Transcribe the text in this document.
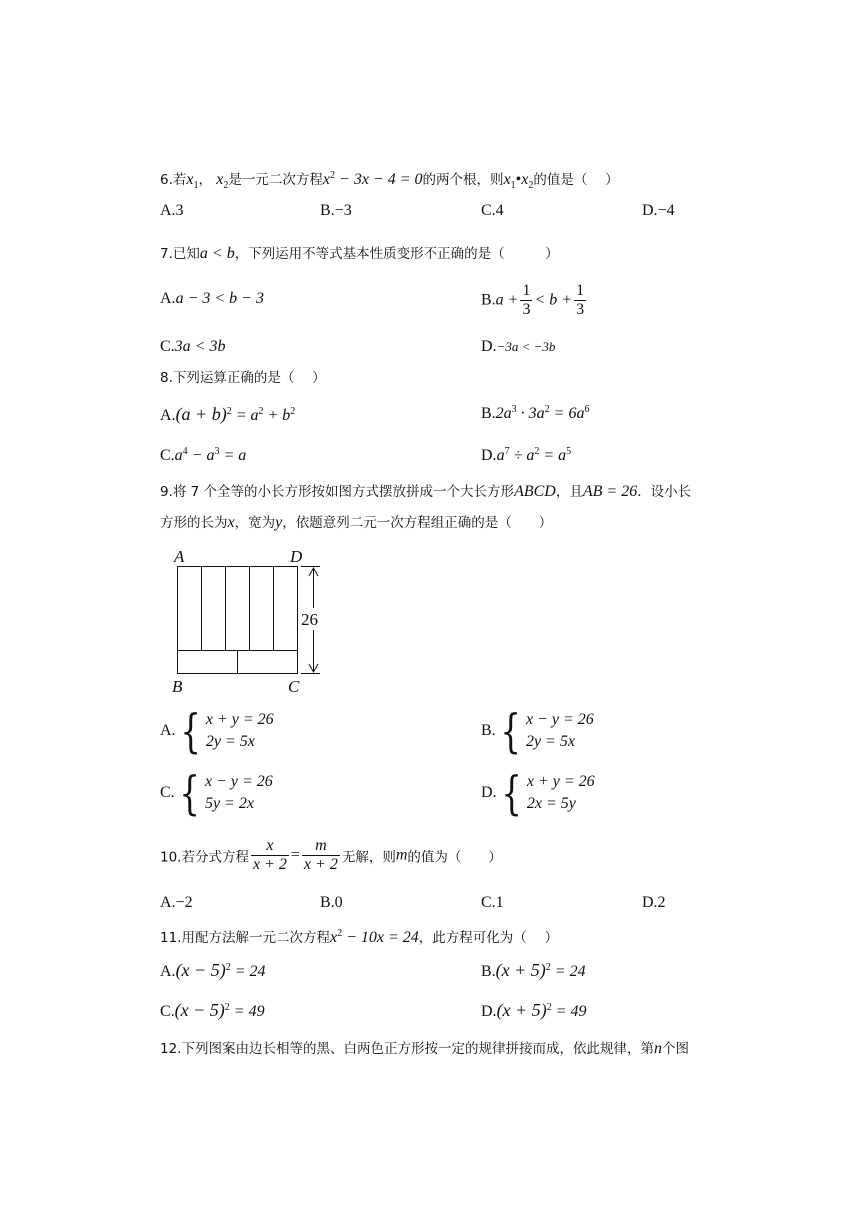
6.若$x_1$， $x_2$是一元二次方程$x^2 - 3x - 4 = 0$的两个根，则$x_1•x_2$的值是（　 ）
A.3	B.−3	C.4	D.−4
7.已知a < b，下列运用不等式基本性质变形不正确的是（　　　）
A.a − 3 < b − 3	$B.a + \frac{1}{3} < b + \frac{1}{3}$
C.3a < 3b	D.−3a < −3b
8.下列运算正确的是（　 ）
$A.(a + b)^2 = a^2 + b^2$	$B.2a^3 \cdot 3a^2 = 6a^6$
$C.a^4 - a^3 = a$	$D.a^7 \div a^2 = a^5$
9.将 7 个全等的小长方形按如图方式摆放拼成一个大长方形ABCD，且AB = 26．设小长
方形的长为x，宽为y，依题意列二元一次方程组正确的是（　　）
A	D
B	C
26
A. { x + y = 26
2y = 5x
B. { x − y = 26
2y = 5x
C. { x − y = 26
5y = 2x
D. { x + y = 26
2x = 5y
10.若分式方程 $\frac{x}{x + 2} = \frac{m}{x + 2}$ 无解，则m的值为（　　）
A.−2	B.0	C.1	D.2
11.用配方法解一元二次方程$x^2 - 10x = 24$，此方程可化为（　 ）
$A.(x - 5)^2 = 24$	$B.(x + 5)^2 = 24$
$C.(x - 5)^2 = 49$	$D.(x + 5)^2 = 49$
12.下列图案由边长相等的黑、白两色正方形按一定的规律拼接而成，依此规律，第n个图
